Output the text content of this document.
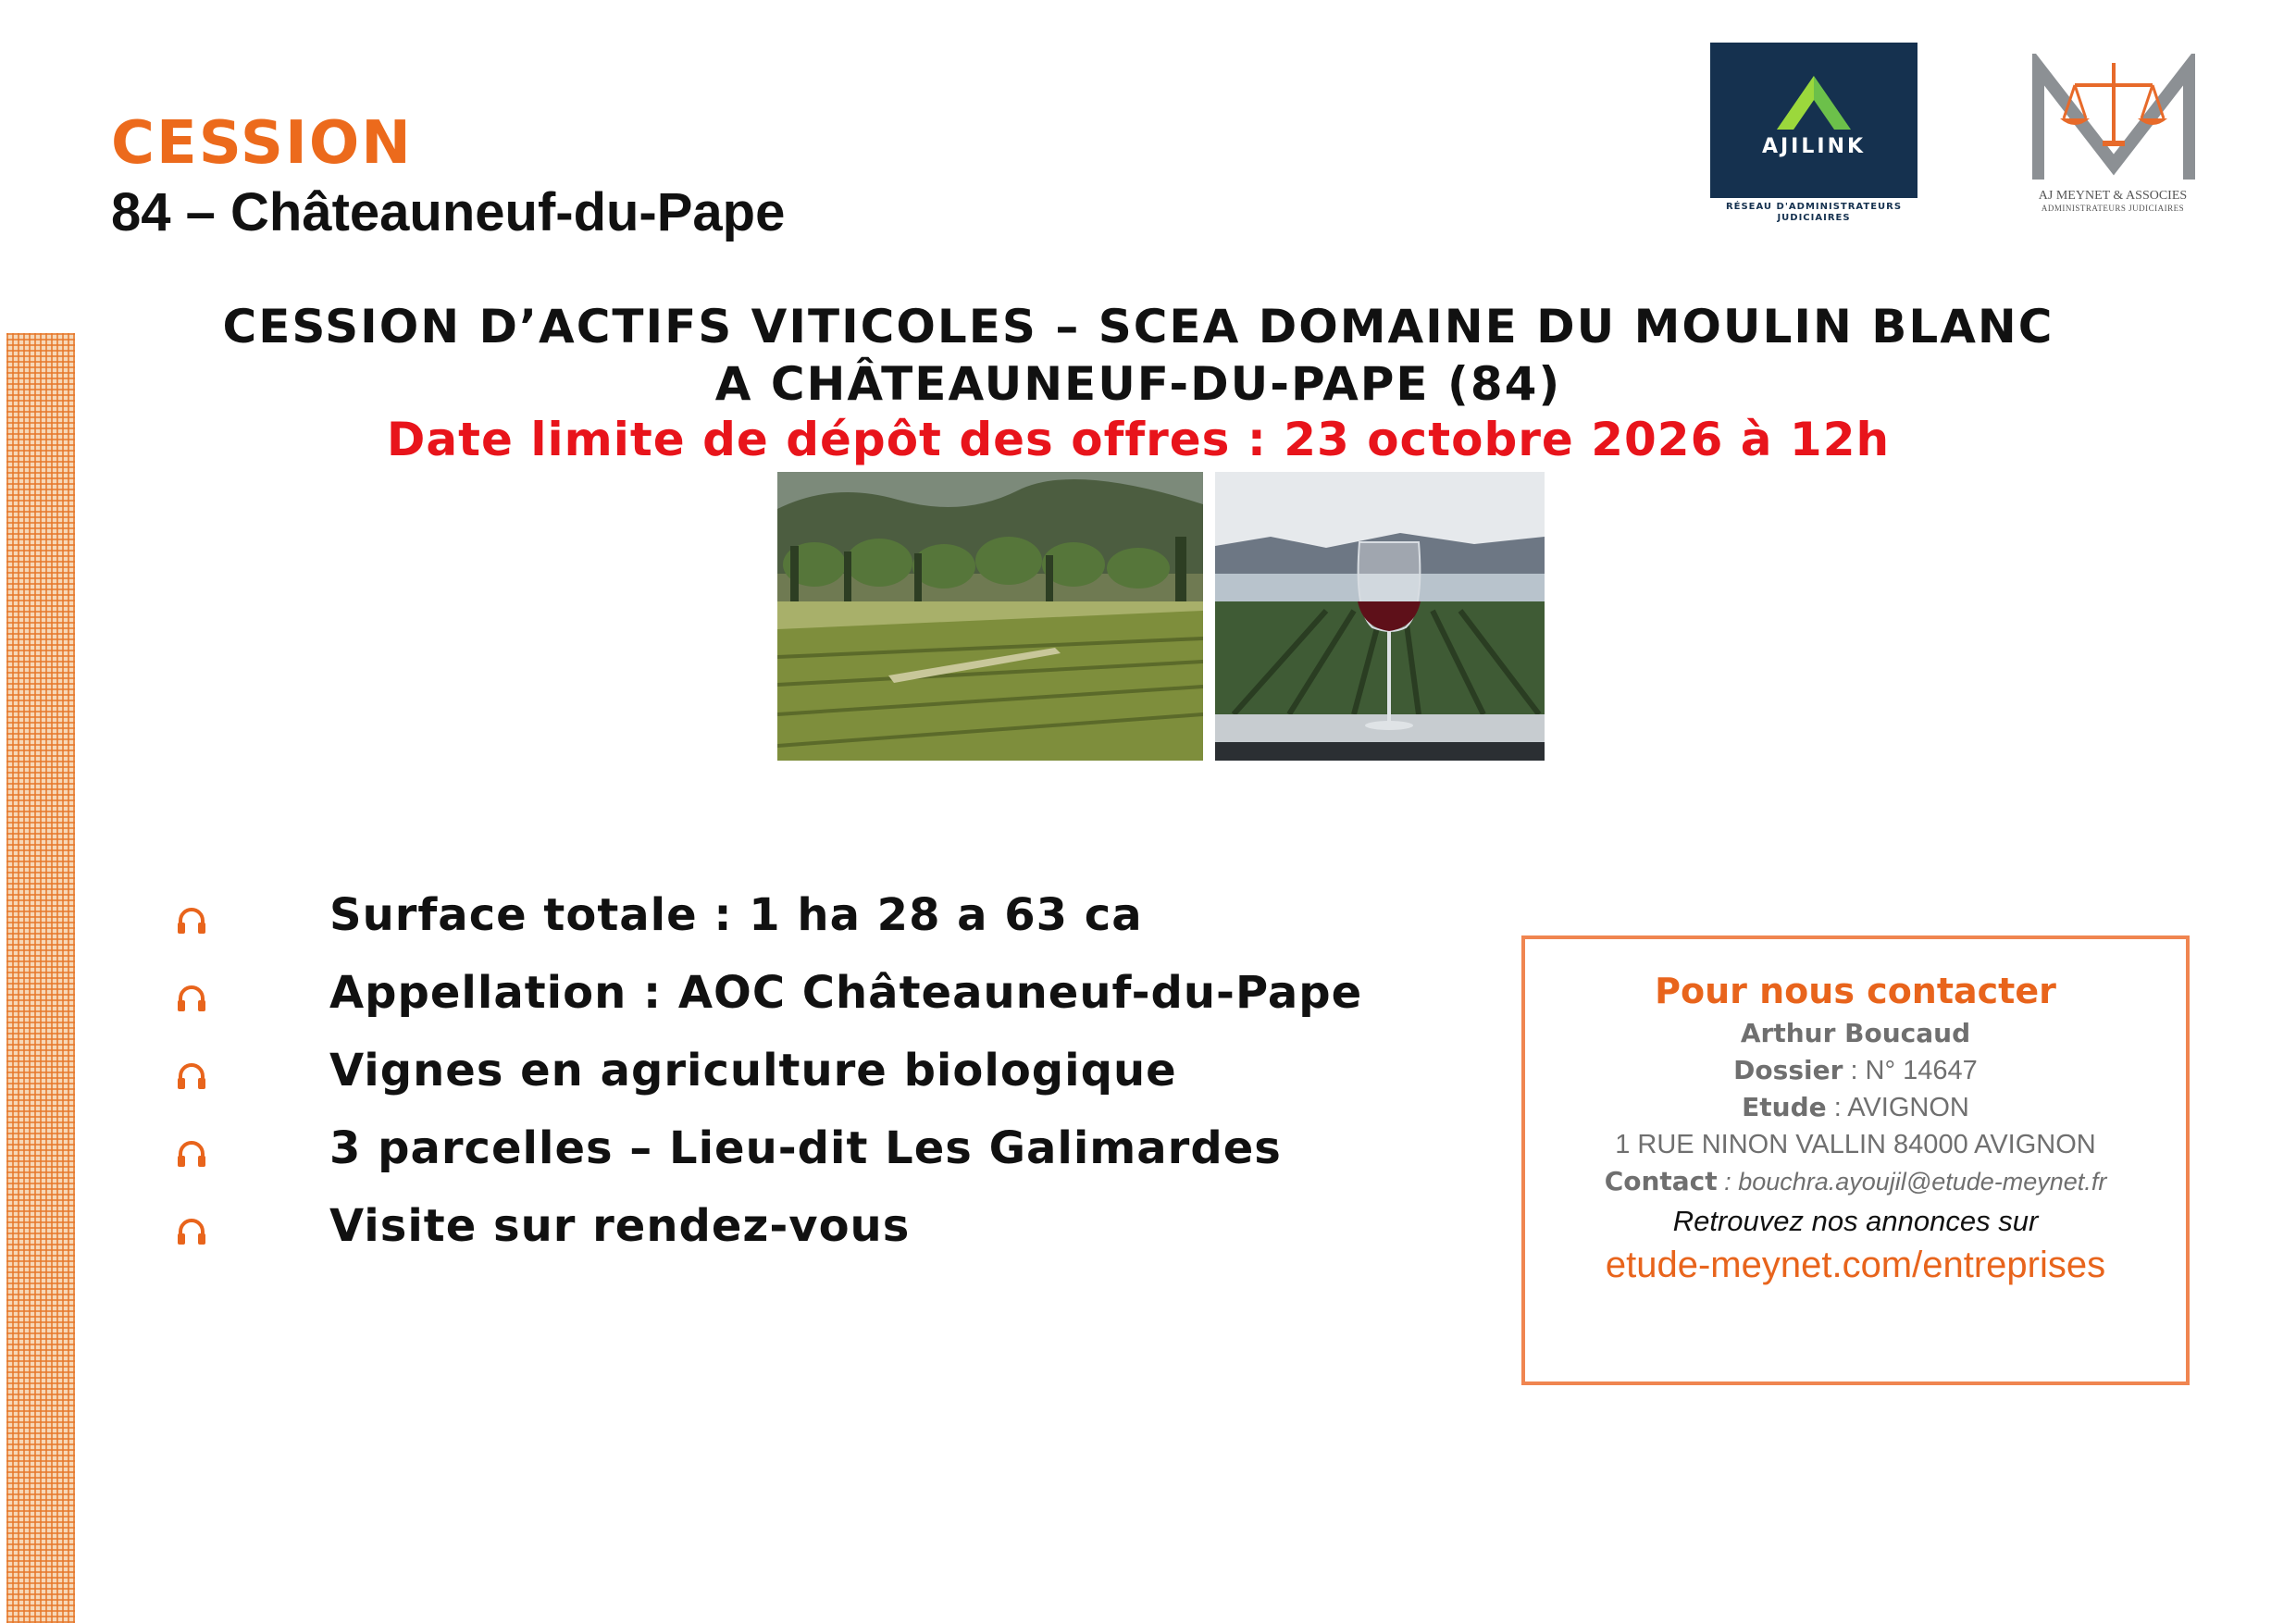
CESSION
84 – Châteauneuf-du-Pape
AJILINK
RÉSEAU D'ADMINISTRATEURS
JUDICIAIRES
AJ MEYNET & ASSOCIES
ADMINISTRATEURS JUDICIAIRES
CESSION D’ACTIFS VITICOLES – SCEA DOMAINE DU MOULIN BLANC
A CHÂTEAUNEUF-DU-PAPE (84)
Date limite de dépôt des offres : 23 octobre 2026 à 12h
Surface totale : 1 ha 28 a 63 ca
Appellation : AOC Châteauneuf-du-Pape
Vignes en agriculture biologique
3 parcelles – Lieu-dit Les Galimardes
Visite sur rendez-vous
Pour nous contacter
Arthur Boucaud
Dossier : N° 14647
Etude : AVIGNON
1 RUE NINON VALLIN 84000 AVIGNON
Contact : bouchra.ayoujil@etude-meynet.fr
Retrouvez nos annonces sur
etude-meynet.com/entreprises
